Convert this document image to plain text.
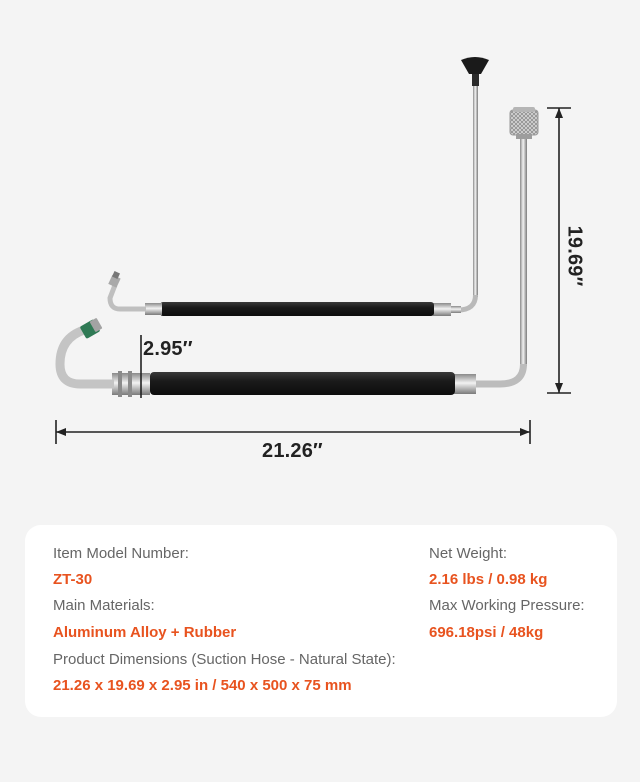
21.26″
2.95′′
19.69″
Item Model Number:
ZT-30
Main Materials:
Aluminum Alloy + Rubber
Product Dimensions (Suction Hose - Natural State):
21.26 x 19.69 x 2.95 in / 540 x 500 x 75 mm
Net Weight:
2.16 lbs / 0.98 kg
Max Working Pressure:
696.18psi / 48kg
